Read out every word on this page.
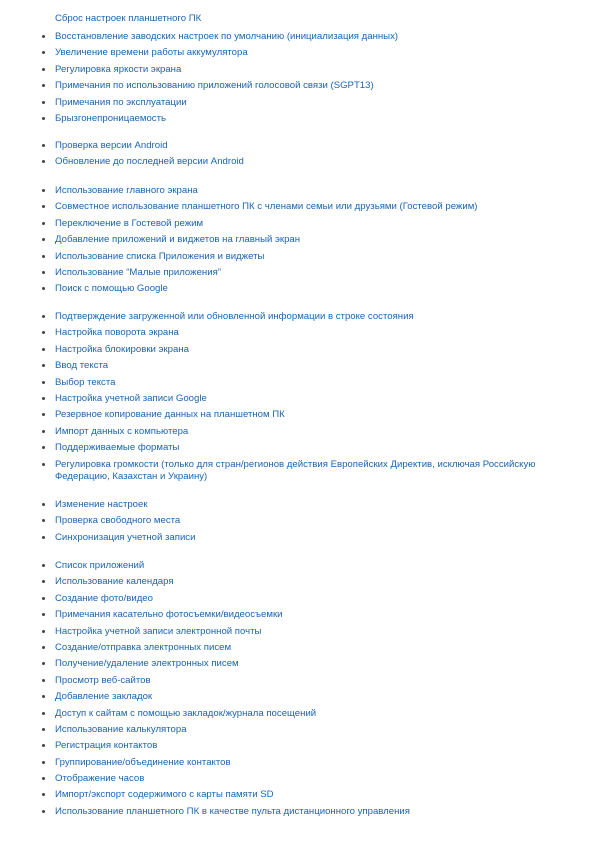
Сброс настроек планшетного ПК
Восстановление заводских настроек по умолчанию (инициализация данных)
Увеличение времени работы аккумулятора
Регулировка яркости экрана
Примечания по использованию приложений голосовой связи (SGPT13)
Примечания по эксплуатации
Брызгонепроницаемость
Проверка версии Android
Обновление до последней версии Android
Использование главного экрана
Совместное использование планшетного ПК с членами семьи или друзьями (Гостевой режим)
Переключение в Гостевой режим
Добавление приложений и виджетов на главный экран
Использование списка Приложения и виджеты
Использование “Малые приложения”
Поиск с помощью Google
Подтверждение загруженной или обновленной информации в строке состояния
Настройка поворота экрана
Настройка блокировки экрана
Ввод текста
Выбор текста
Настройка учетной записи Google
Резервное копирование данных на планшетном ПК
Импорт данных с компьютера
Поддерживаемые форматы
Регулировка громкости (только для стран/регионов действия Европейских Директив, исключая Российскую Федерацию, Казахстан и Украину)
Изменение настроек
Проверка свободного места
Синхронизация учетной записи
Список приложений
Использование календаря
Создание фото/видео
Примечания касательно фотосъемки/видеосъемки
Настройка учетной записи электронной почты
Создание/отправка электронных писем
Получение/удаление электронных писем
Просмотр веб-сайтов
Добавление закладок
Доступ к сайтам с помощью закладок/журнала посещений
Использование калькулятора
Регистрация контактов
Группирование/объединение контактов
Отображение часов
Импорт/экспорт содержимого с карты памяти SD
Использование планшетного ПК в качестве пульта дистанционного управления
